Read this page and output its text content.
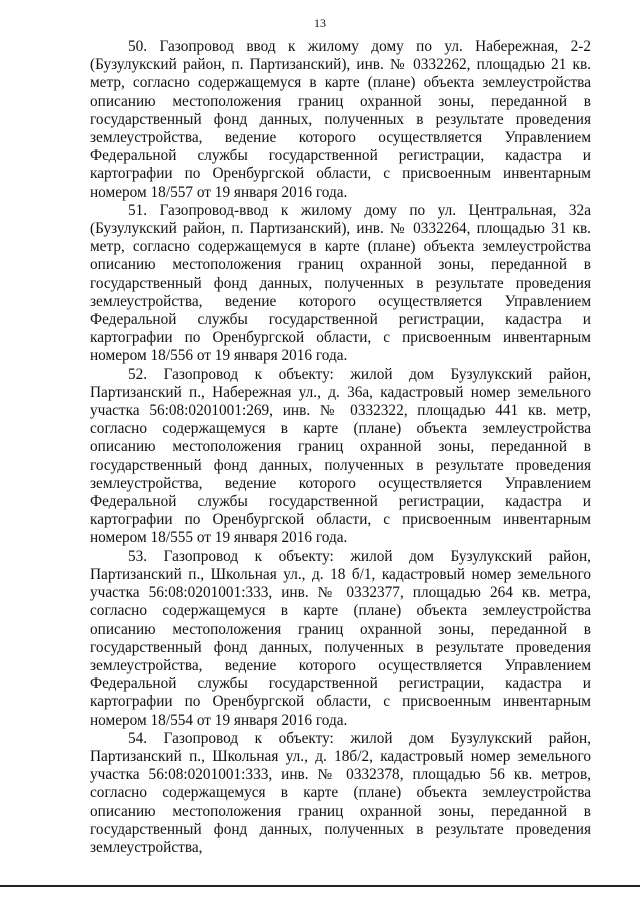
13

50. Газопровод ввод к жилому дому по ул. Набережная, 2-2 (Бузулукский район, п. Партизанский), инв. № 0332262, площадью 21 кв. метр, согласно содержащемуся в карте (плане) объекта землеустройства описанию местоположения границ охранной зоны, переданной в государственный фонд данных, полученных в результате проведения землеустройства, ведение которого осуществляется Управлением Федеральной службы государственной регистрации, кадастра и картографии по Оренбургской области, с присвоенным инвентарным номером 18/557 от 19 января 2016 года.

51. Газопровод-ввод к жилому дому по ул. Центральная, 32а (Бузулукский район, п. Партизанский), инв. № 0332264, площадью 31 кв. метр, согласно содержащемуся в карте (плане) объекта землеустройства описанию местоположения границ охранной зоны, переданной в государственный фонд данных, полученных в результате проведения землеустройства, ведение которого осуществляется Управлением Федеральной службы государственной регистрации, кадастра и картографии по Оренбургской области, с присвоенным инвентарным номером 18/556 от 19 января 2016 года.

52. Газопровод к объекту: жилой дом Бузулукский район, Партизанский п., Набережная ул., д. 36а, кадастровый номер земельного участка 56:08:0201001:269, инв. № 0332322, площадью 441 кв. метр, согласно содержащемуся в карте (плане) объекта землеустройства описанию местоположения границ охранной зоны, переданной в государственный фонд данных, полученных в результате проведения землеустройства, ведение которого осуществляется Управлением Федеральной службы государственной регистрации, кадастра и картографии по Оренбургской области, с присвоенным инвентарным номером 18/555 от 19 января 2016 года.

53. Газопровод к объекту: жилой дом Бузулукский район, Партизанский п., Школьная ул., д. 18 б/1, кадастровый номер земельного участка 56:08:0201001:333, инв. № 0332377, площадью 264 кв. метра, согласно содержащемуся в карте (плане) объекта землеустройства описанию местоположения границ охранной зоны, переданной в государственный фонд данных, полученных в результате проведения землеустройства, ведение которого осуществляется Управлением Федеральной службы государственной регистрации, кадастра и картографии по Оренбургской области, с присвоенным инвентарным номером 18/554 от 19 января 2016 года.

54. Газопровод к объекту: жилой дом Бузулукский район, Партизанский п., Школьная ул., д. 18б/2, кадастровый номер земельного участка 56:08:0201001:333, инв. № 0332378, площадью 56 кв. метров, согласно содержащемуся в карте (плане) объекта землеустройства описанию местоположения границ охранной зоны, переданной в государственный фонд данных, полученных в результате проведения землеустройства,
